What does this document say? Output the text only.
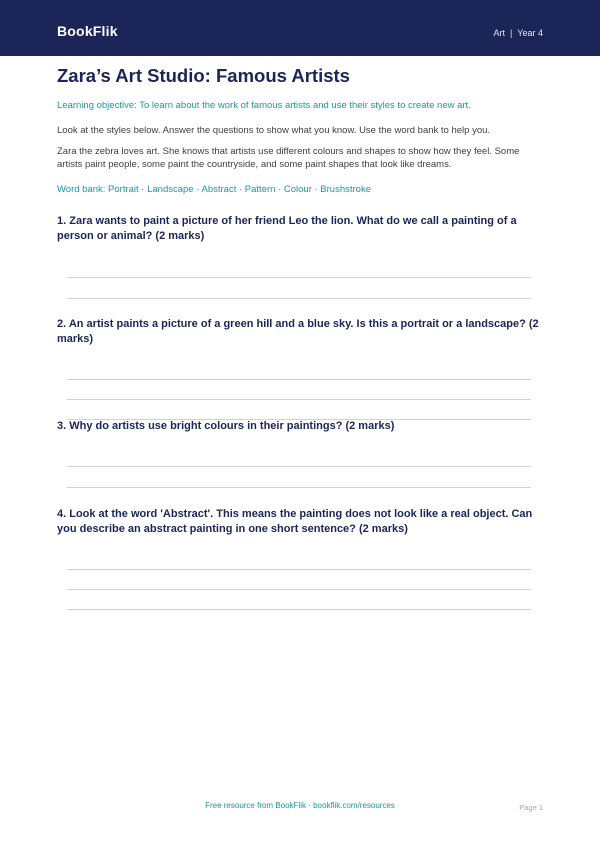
BookFlik	Art | Year 4
Zara’s Art Studio: Famous Artists
Learning objective: To learn about the work of famous artists and use their styles to create new art.
Look at the styles below. Answer the questions to show what you know. Use the word bank to help you.
Zara the zebra loves art. She knows that artists use different colours and shapes to show how they feel. Some artists paint people, some paint the countryside, and some paint shapes that look like dreams.
Word bank: Portrait · Landscape · Abstract · Pattern · Colour · Brushstroke
1. Zara wants to paint a picture of her friend Leo the lion. What do we call a painting of a person or animal? (2 marks)
2. An artist paints a picture of a green hill and a blue sky. Is this a portrait or a landscape? (2 marks)
3. Why do artists use bright colours in their paintings? (2 marks)
4. Look at the word 'Abstract'. This means the painting does not look like a real object. Can you describe an abstract painting in one short sentence? (2 marks)
Free resource from BookFlik · bookflik.com/resources	Page 1
